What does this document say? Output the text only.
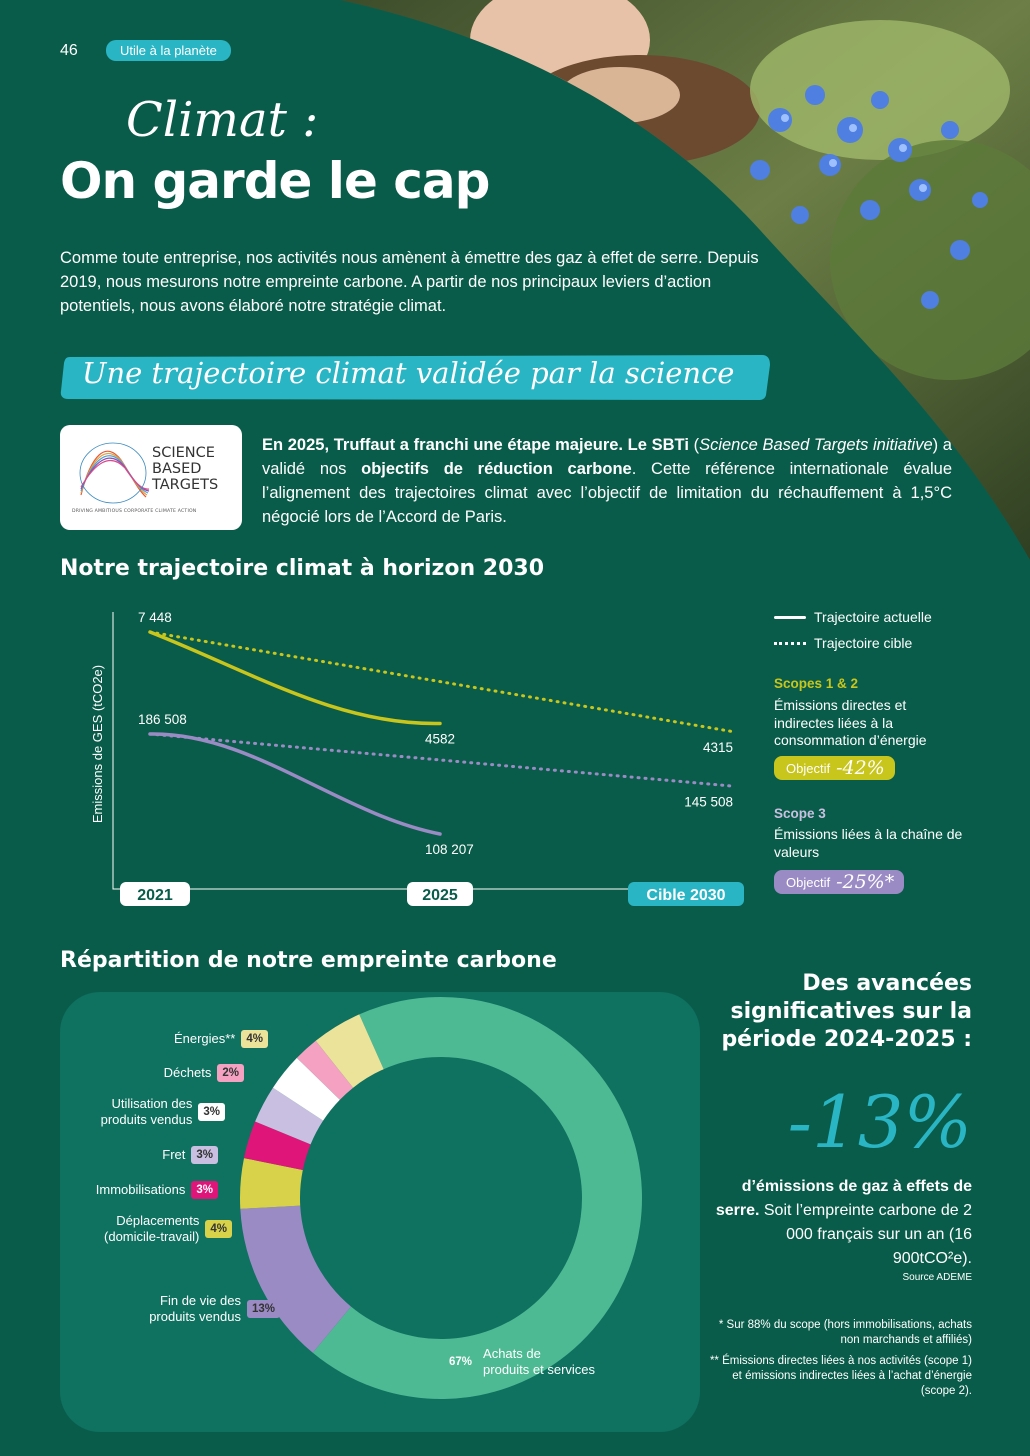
46	Utile à la planète
Climat :
On garde le cap

Comme toute entreprise, nos activités nous amènent à émettre des gaz à effet de serre. Depuis 2019, nous mesurons notre empreinte carbone. A partir de nos principaux leviers d’action potentiels, nous avons élaboré notre stratégie climat.

Une trajectoire climat validée par la science
SCIENCE
BASED
TARGETS
DRIVING AMBITIOUS CORPORATE CLIMATE ACTION

En 2025, Truffaut a franchi une étape majeure. Le SBTi (Science Based Targets initiative) a validé nos objectifs de réduction carbone. Cette référence internationale évalue l’alignement des trajectoires climat avec l’objectif de limitation du réchauffement à 1,5°C négocié lors de l’Accord de Paris.

Notre trajectoire climat à horizon 2030
Emissions de GES (tCO2e)
7 448
4582
4315
186 508
108 207
145 508
2021	2025	Cible 2030
Trajectoire actuelle
Trajectoire cible
Scopes 1 & 2
Émissions directes et indirectes liées à la consommation d’énergie
Objectif -42%
Scope 3
Émissions liées à la chaîne de valeurs
Objectif -25%*
Répartition de notre empreinte carbone
Énergies** 4%
Déchets 2%
Utilisation des
produits vendus 3%
Fret 3%
Immobilisations 3%
Déplacements
(domicile-travail) 4%
Fin de vie des
produits vendus 13%
67%
Achats de
produits et services
Des avancées significatives sur la période 2024-2025 :
-13%

d’émissions de gaz à effets de serre. Soit l’empreinte carbone de 2 000 français sur un an (16 900tCO²e).

Source ADEME

* Sur 88% du scope (hors immobilisations, achats non marchands et affiliés)

** Émissions directes liées à nos activités (scope 1) et émissions indirectes liées à l’achat d’énergie (scope 2).
